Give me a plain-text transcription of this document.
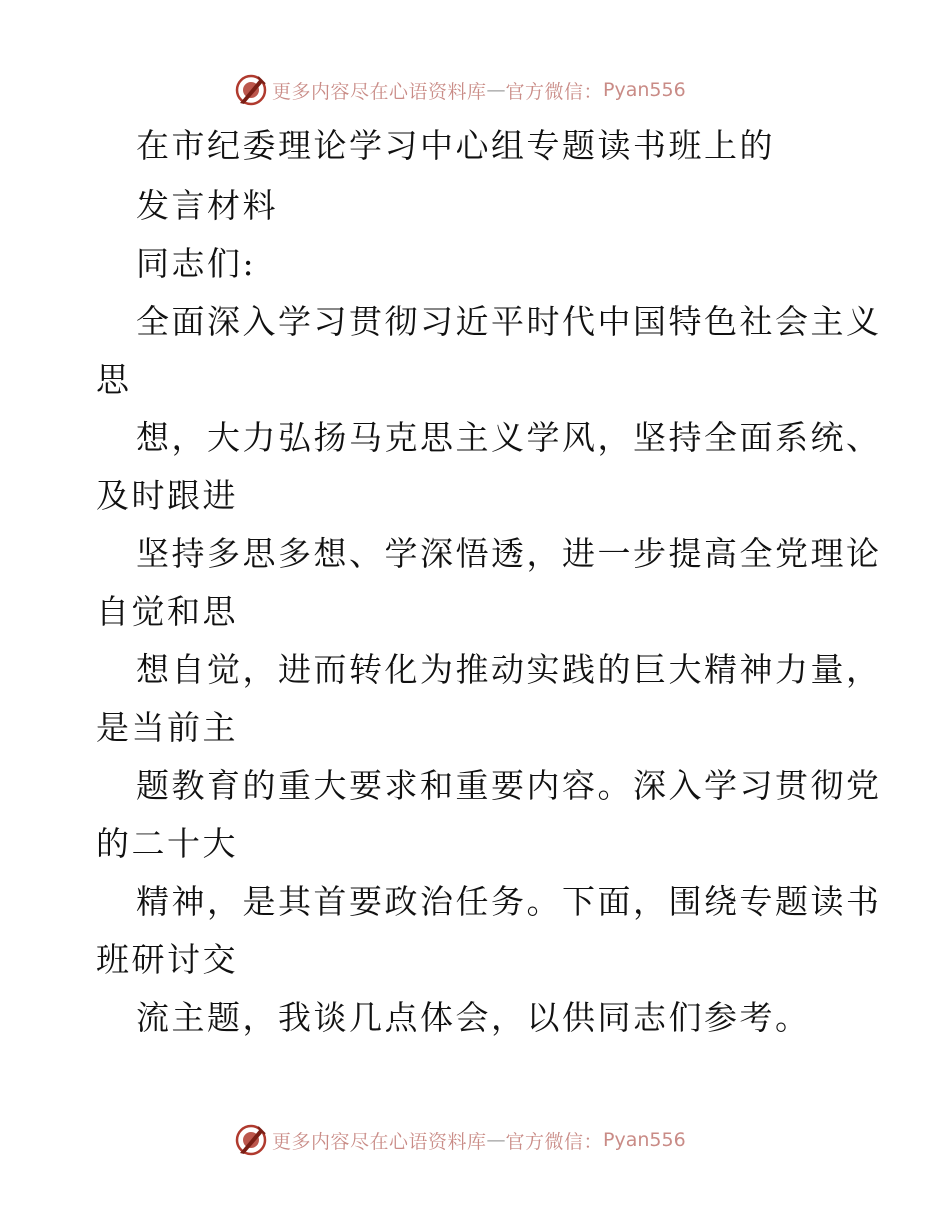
更多内容尽在心语资料库 — 官方微信： Pyan556
在市纪委理论学习中心组专题读书班上的
发言材料
同志们:
全面深入学习贯彻习近平时代中国特色社会主义
思
想，大力弘扬马克思主义学风，坚持全面系统、
及时跟进
坚持多思多想、学深悟透，进一步提高全党理论
自觉和思
想自觉，进而转化为推动实践的巨大精神力量，
是当前主
题教育的重大要求和重要内容。深入学习贯彻党
的二十大
精神，是其首要政治任务。下面，围绕专题读书
班研讨交
流主题，我谈几点体会，以供同志们参考。
更多内容尽在心语资料库 — 官方微信： Pyan556
